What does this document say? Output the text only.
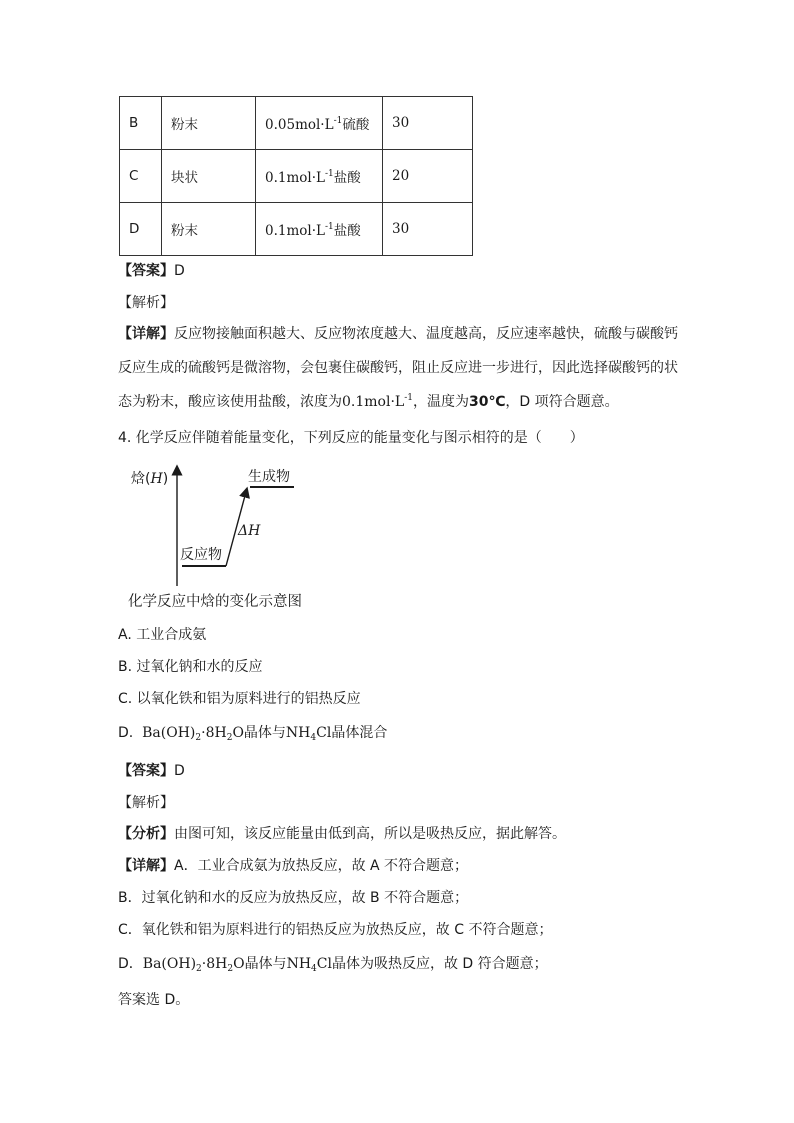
B	粉末	$0.05mol\cdot L^{-1}$硫酸	30
C	块状	$0.1mol\cdot L^{-1}$盐酸	20
D	粉末	$0.1mol\cdot L^{-1}$盐酸	30
【答案】D
【解析】
【详解】反应物接触面积越大、反应物浓度越大、温度越高，反应速率越快，硫酸与碳酸钙
反应生成的硫酸钙是微溶物，会包裹住碳酸钙，阻止反应进一步进行，因此选择碳酸钙的状
态为粉末，酸应该使用盐酸，浓度为$0.1mol\cdot L^{-1}$，温度为30℃，D 项符合题意。
4. 化学反应伴随着能量变化，下列反应的能量变化与图示相符的是（　　）
焓(H)	生成物
ΔH
反应物
化学反应中焓的变化示意图
A. 工业合成氨
B. 过氧化钠和水的反应
C. 以氧化铁和铝为原料进行的铝热反应
D. $Ba(OH)_2\cdot 8H_2O$晶体与$NH_4Cl$晶体混合
【答案】D
【解析】
【分析】由图可知，该反应能量由低到高，所以是吸热反应，据此解答。
【详解】A．工业合成氨为放热反应，故 A 不符合题意；
B．过氧化钠和水的反应为放热反应，故 B 不符合题意；
C．氧化铁和铝为原料进行的铝热反应为放热反应，故 C 不符合题意；
D．$Ba(OH)_2\cdot 8H_2O$晶体与$NH_4Cl$晶体为吸热反应，故 D 符合题意；
答案选 D。
